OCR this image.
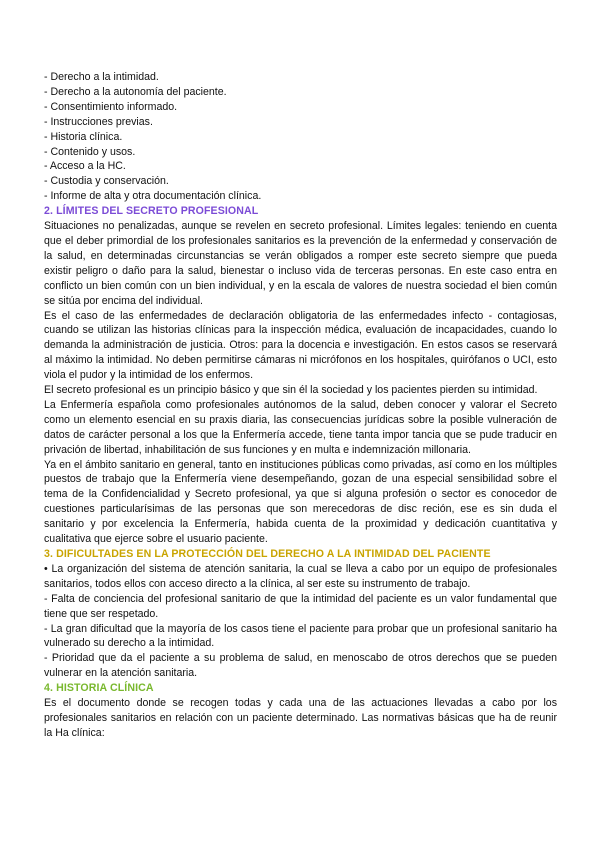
- Derecho a la intimidad.
- Derecho a la autonomía del paciente.
- Consentimiento informado.
- Instrucciones previas.
- Historia clínica.
- Contenido y usos.
- Acceso a la HC.
- Custodia y conservación.
- Informe de alta y otra documentación clínica.
2. LÍMITES DEL SECRETO PROFESIONAL

Situaciones no penalizadas, aunque se revelen en secreto profesional. Límites legales: teniendo en cuenta que el deber primordial de los profesionales sanitarios es la prevención de la enfermedad y conservación de la salud, en determinadas circunstancias se verán obligados a romper este secreto siempre que pueda existir peligro o daño para la salud, bienestar o incluso vida de terceras personas. En este caso entra en conflicto un bien común con un bien individual, y en la escala de valores de nuestra sociedad el bien común se sitúa por encima del individual.

Es el caso de las enfermedades de declaración obligatoria de las enfermedades infecto - contagiosas, cuando se utilizan las historias clínicas para la inspección médica, evaluación de incapacidades, cuando lo demanda la administración de justicia. Otros: para la docencia e investigación. En estos casos se reservará al máximo la intimidad. No deben permitirse cámaras ni micrófonos en los hospitales, quirófanos o UCI, esto viola el pudor y la intimidad de los enfermos.

El secreto profesional es un principio básico y que sin él la sociedad y los pacientes pierden su intimidad.

La Enfermería española como profesionales autónomos de la salud, deben conocer y valorar el Secreto como un elemento esencial en su praxis diaria, las consecuencias jurídicas sobre la posible vulneración de datos de carácter personal a los que la Enfermería accede, tiene tanta impor tancia que se pude traducir en privación de libertad, inhabilitación de sus funciones y en multa e indemnización millonaria.

Ya en el ámbito sanitario en general, tanto en instituciones públicas como privadas, así como en los múltiples puestos de trabajo que la Enfermería viene desempeñando, gozan de una especial sensibilidad sobre el tema de la Confidencialidad y Secreto profesional, ya que si alguna profesión o sector es conocedor de cuestiones particularísimas de las personas que son merecedoras de disc reción, ese es sin duda el sanitario y por excelencia la Enfermería, habida cuenta de la proximidad y dedicación cuantitativa y cualitativa que ejerce sobre el usuario paciente.

3. DIFICULTADES EN LA PROTECCIÓN DEL DERECHO A LA INTIMIDAD DEL PACIENTE

• La organización del sistema de atención sanitaria, la cual se lleva a cabo por un equipo de profesionales sanitarios, todos ellos con acceso directo a la clínica, al ser este su instrumento de trabajo.

- Falta de conciencia del profesional sanitario de que la intimidad del paciente es un valor fundamental que tiene que ser respetado.

- La gran dificultad que la mayoría de los casos tiene el paciente para probar que un profesional sanitario ha vulnerado su derecho a la intimidad.

- Prioridad que da el paciente a su problema de salud, en menoscabo de otros derechos que se pueden vulnerar en la atención sanitaria.

4. HISTORIA CLÍNICA

Es el documento donde se recogen todas y cada una de las actuaciones llevadas a cabo por los profesionales sanitarios en relación con un paciente determinado. Las normativas básicas que ha de reunir la Ha clínica:
